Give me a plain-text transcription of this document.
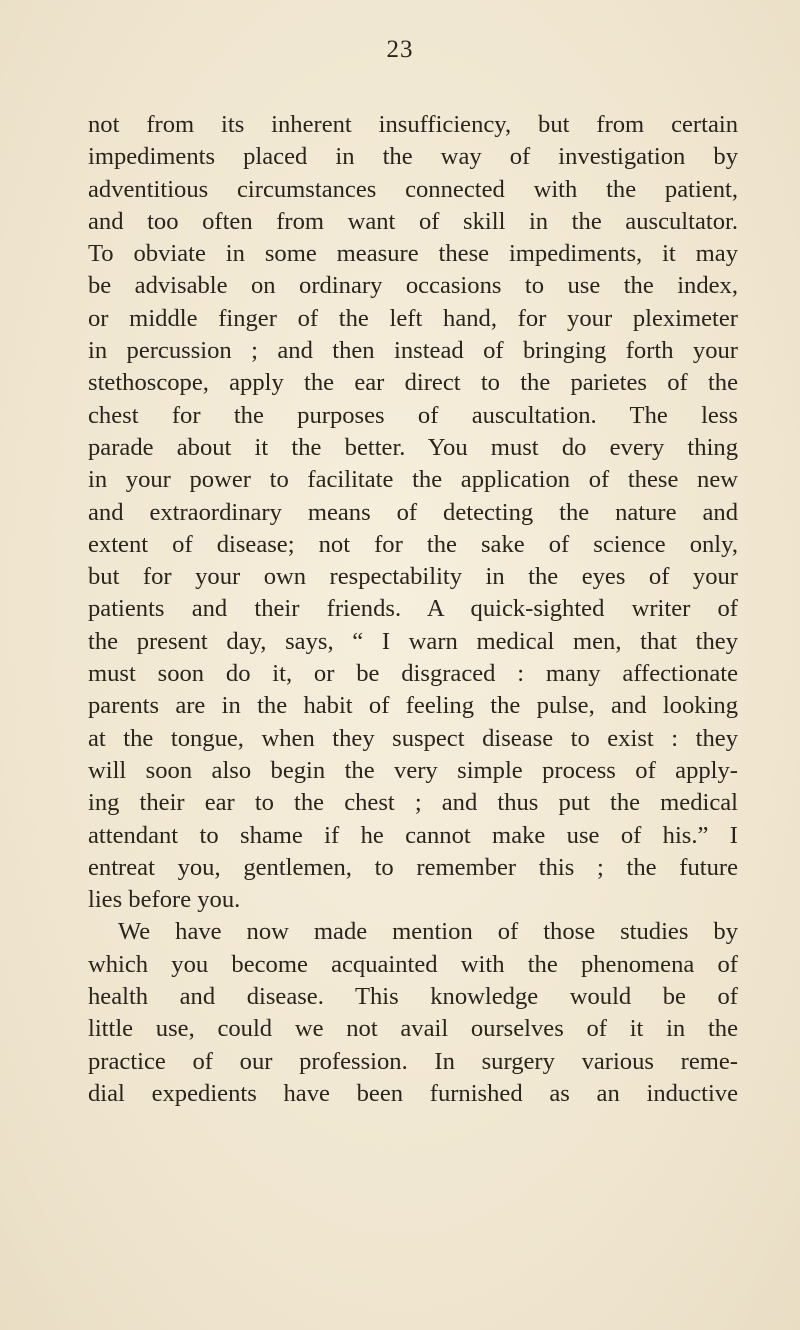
23
not from its inherent insufficiency, but from certain
impediments placed in the way of investigation by
adventitious circumstances connected with the patient,
and too often from want of skill in the auscultator.
To obviate in some measure these impediments, it may
be advisable on ordinary occasions to use the index,
or middle finger of the left hand, for your pleximeter
in percussion ; and then instead of bringing forth your
stethoscope, apply the ear direct to the parietes of the
chest for the purposes of auscultation. The less
parade about it the better. You must do every thing
in your power to facilitate the application of these new
and extraordinary means of detecting the nature and
extent of disease; not for the sake of science only,
but for your own respectability in the eyes of your
patients and their friends. A quick-sighted writer of
the present day, says, “ I warn medical men, that they
must soon do it, or be disgraced : many affectionate
parents are in the habit of feeling the pulse, and looking
at the tongue, when they suspect disease to exist : they
will soon also begin the very simple process of apply-
ing their ear to the chest ; and thus put the medical
attendant to shame if he cannot make use of his.” I
entreat you, gentlemen, to remember this ; the future
lies before you.
We have now made mention of those studies by
which you become acquainted with the phenomena of
health and disease. This knowledge would be of
little use, could we not avail ourselves of it in the
practice of our profession. In surgery various reme-
dial expedients have been furnished as an inductive
